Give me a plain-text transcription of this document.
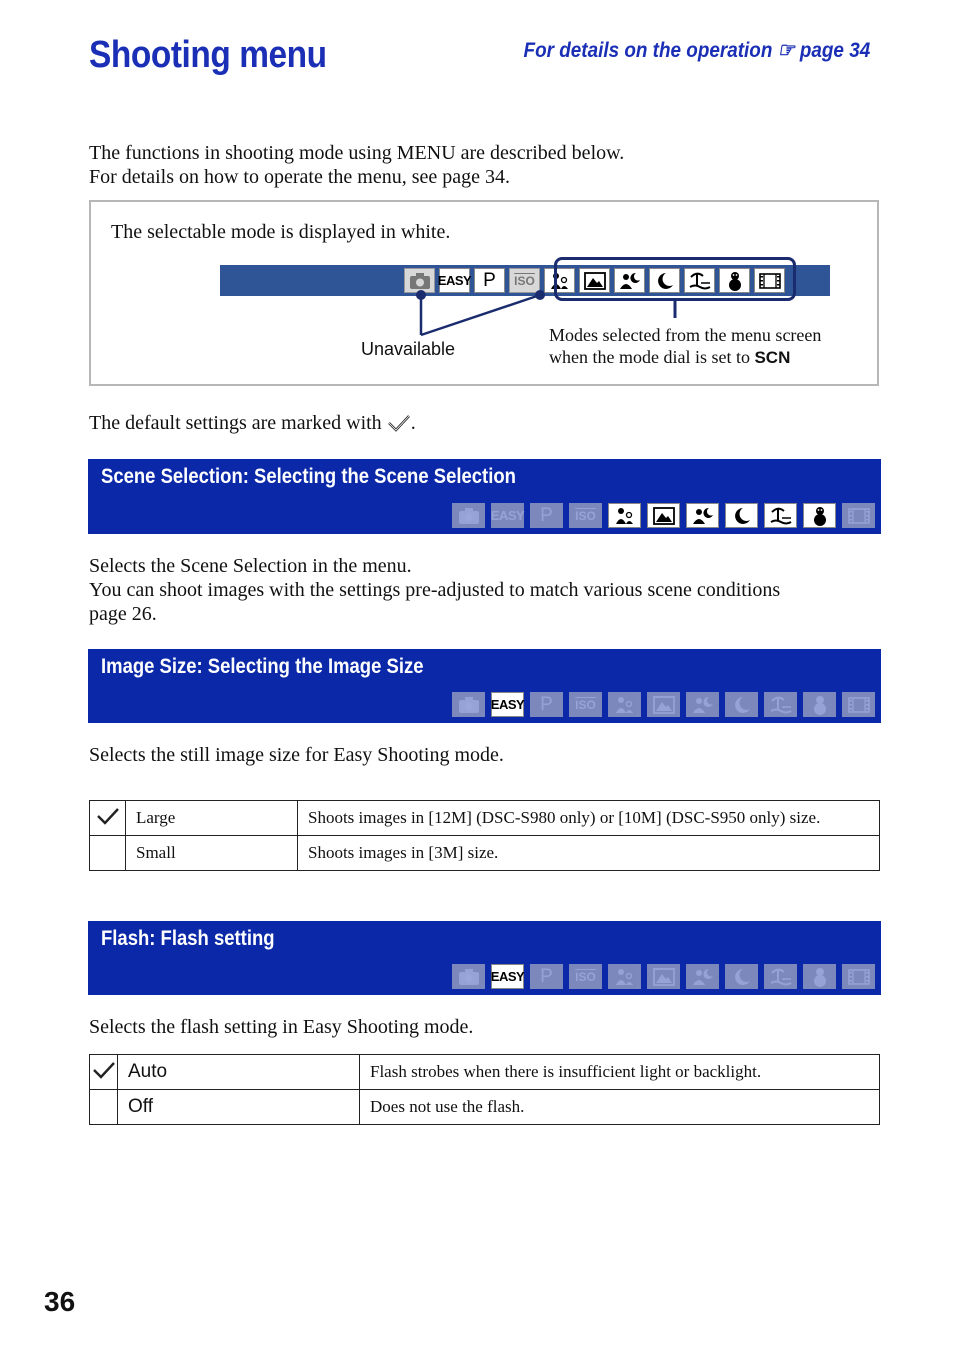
Shooting menu	For details on the operation ☞ page 34
The functions in shooting mode using MENU are described below.
For details on how to operate the menu, see page 34.
The selectable mode is displayed in white.
EASY P	$\overline{ISO}$
Unavailable
Modes selected from the menu screen
when the mode dial is set to SCN
The default settings are marked with .
Scene Selection: Selecting the Scene Selection
EASY P	$\overline{ISO}$
Selects the Scene Selection in the menu.
You can shoot images with the settings pre-adjusted to match various scene conditions
page 26.
Image Size: Selecting the Image Size
EASY P	$\overline{ISO}$
Selects the still image size for Easy Shooting mode.
	Large	Shoots images in [12M] (DSC-S980 only) or [10M] (DSC-S950 only) size.
	Small	Shoots images in [3M] size.
Flash: Flash setting
EASY P	$\overline{ISO}$
Selects the flash setting in Easy Shooting mode.
	Auto	Flash strobes when there is insufficient light or backlight.
	Off	Does not use the flash.
36
